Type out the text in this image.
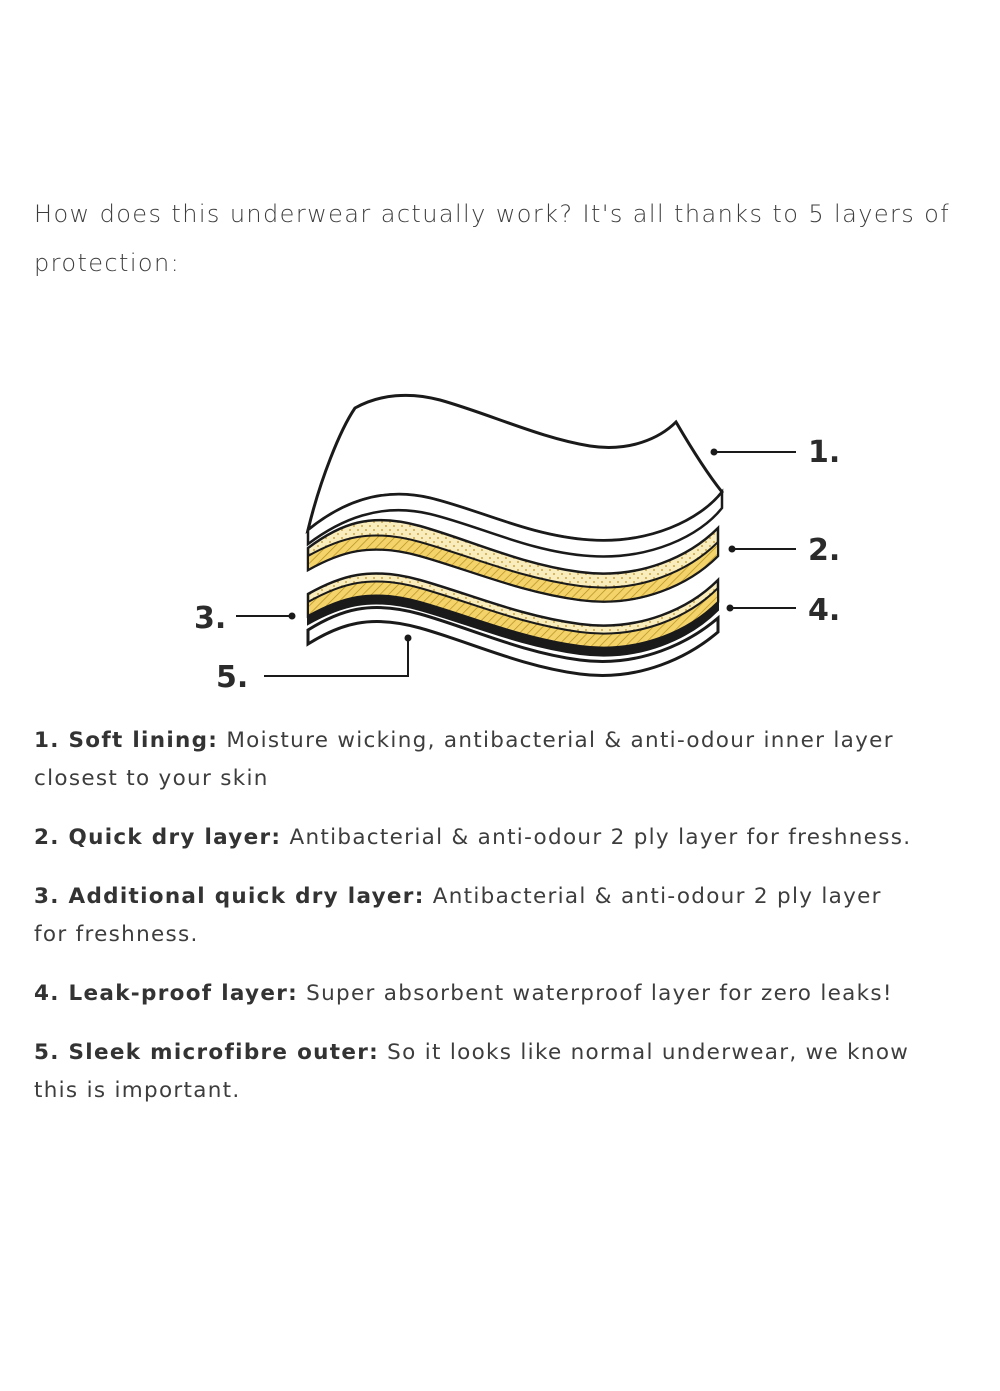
How does this underwear actually work? It's all thanks to 5 layers of protection:

1.
2.
3.	4.
5.

1. Soft lining: Moisture wicking, antibacterial & anti-odour inner layer closest to your skin

2. Quick dry layer: Antibacterial & anti-odour 2 ply layer for freshness.

3. Additional quick dry layer: Antibacterial & anti-odour 2 ply layer for freshness.

4. Leak-proof layer: Super absorbent waterproof layer for zero leaks!

5. Sleek microfibre outer: So it looks like normal underwear, we know this is important.
